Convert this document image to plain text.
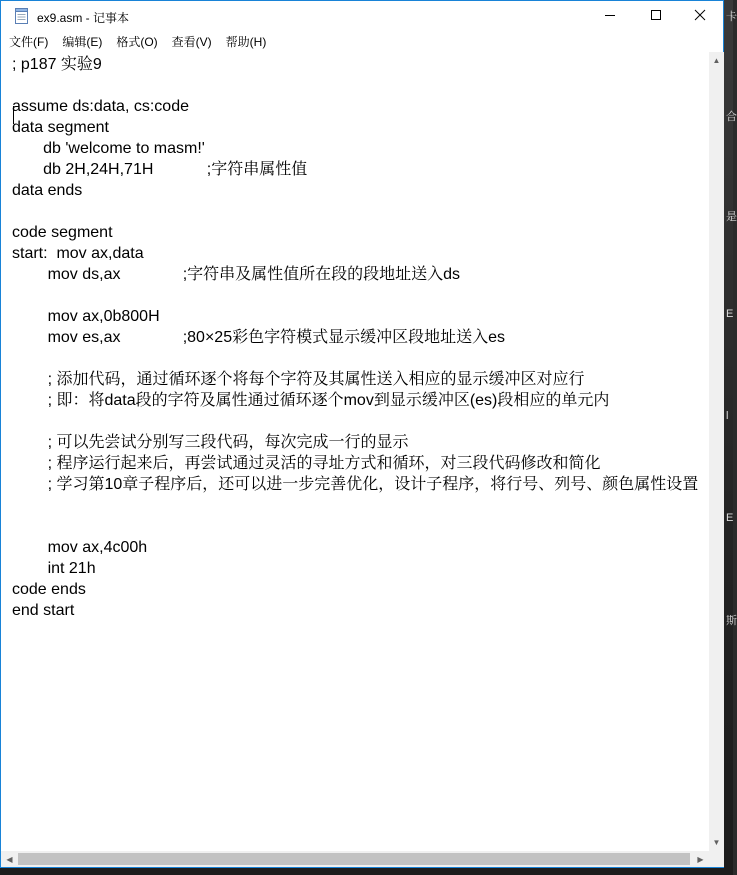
卡
合
是
E
l
E
斯
ex9.asm - 记事本
文件(F)	编辑(E)	格式(O)	查看(V)	帮助(H)
; p187 实验9
assume ds:data, cs:code
data segment
db 'welcome to masm!'
db 2H,24H,71H            ;字符串属性值
data ends
code segment
start:  mov ax,data
mov ds,ax              ;字符串及属性值所在段的段地址送入ds
mov ax,0b800H
mov es,ax              ;80×25彩色字符模式显示缓冲区段地址送入es
; 添加代码，通过循环逐个将每个字符及其属性送入相应的显示缓冲区对应行
; 即：将data段的字符及属性通过循环逐个mov到显示缓冲区(es)段相应的单元内
; 可以先尝试分别写三段代码，每次完成一行的显示
; 程序运行起来后，再尝试通过灵活的寻址方式和循环，对三段代码修改和简化
; 学习第10章子程序后，还可以进一步完善优化，设计子程序，将行号、列号、颜色属性设置
mov ax,4c00h
int 21h
code ends
end start
▲
▼
◀	▶
